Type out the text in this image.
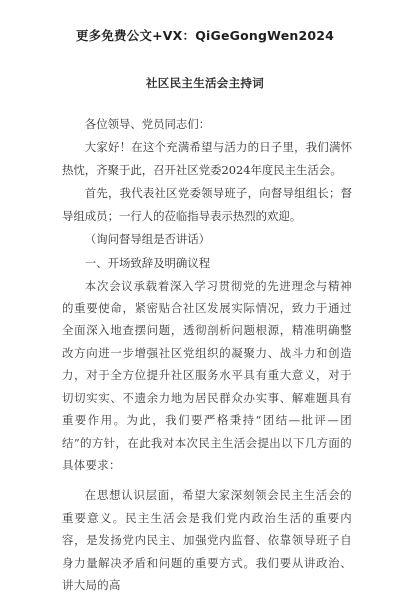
更多免费公文+VX：QiGeGongWen2024
社区民主生活会主持词

各位领导、党员同志们：

大家好！在这个充满希望与活力的日子里，我们满怀热忱，齐聚于此，召开社区党委2024年度民主生活会。

首先，我代表社区党委领导班子，向督导组组长；督导组成员；一行人的莅临指导表示热烈的欢迎。

（询问督导组是否讲话）

一、开场致辞及明确议程

本次会议承载着深入学习贯彻党的先进理念与精神的重要使命，紧密贴合社区发展实际情况，致力于通过全面深入地查摆问题，透彻剖析问题根源，精准明确整改方向进一步增强社区党组织的凝聚力、战斗力和创造力，对于全方位提升社区服务水平具有重大意义，对于切切实实、不遗余力地为居民群众办实事、解难题具有重要作用。为此，我们要严格秉持“团结—批评—团结”的方针，在此我对本次民主生活会提出以下几方面的具体要求：

在思想认识层面，希望大家深刻领会民主生活会的重要意义。民主生活会是我们党内政治生活的重要内容，是发扬党内民主、加强党内监督、依靠领导班子自身力量解决矛盾和问题的重要方式。我们要从讲政治、讲大局的高
